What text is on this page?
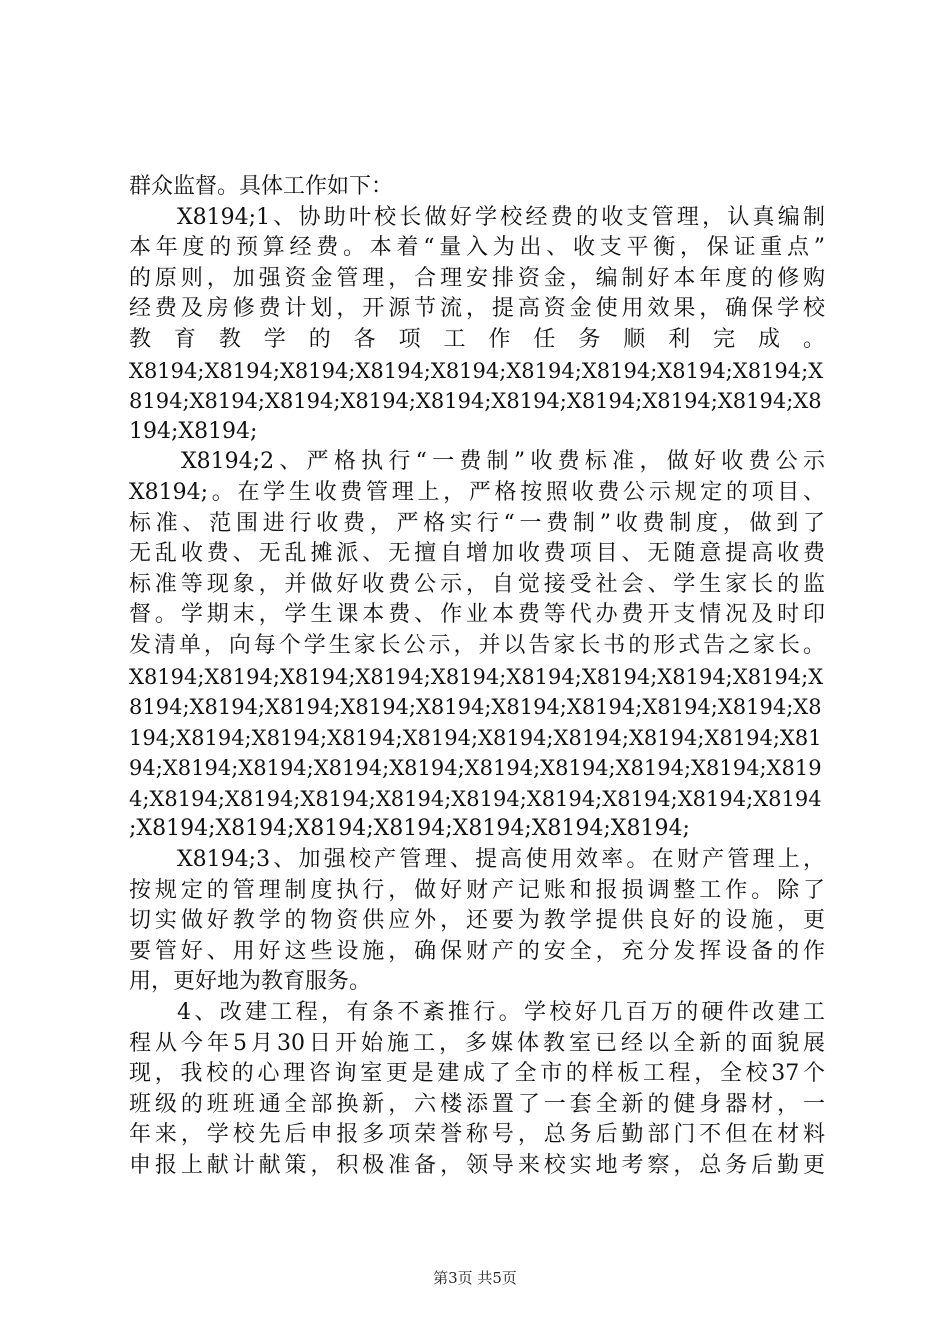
群众监督。具体工作如下：
X8194;1、协助叶校长做好学校经费的收支管理，认真编制
本年度的预算经费。本着“量入为出、收支平衡，保证重点”
的原则，加强资金管理，合理安排资金，编制好本年度的修购
经费及房修费计划，开源节流，提高资金使用效果，确保学校
教育教学的各项工作任务顺利完成。
X8194;X8194;X8194;X8194;X8194;X8194;X8194;X8194;X8194;X
8194;X8194;X8194;X8194;X8194;X8194;X8194;X8194;X8194;X8
194;X8194;
X8194;2、严格执行“一费制”收费标准，做好收费公示
X8194;。在学生收费管理上，严格按照收费公示规定的项目、
标准、范围进行收费，严格实行“一费制”收费制度，做到了
无乱收费、无乱摊派、无擅自增加收费项目、无随意提高收费
标准等现象，并做好收费公示，自觉接受社会、学生家长的监
督。学期末，学生课本费、作业本费等代办费开支情况及时印
发清单，向每个学生家长公示，并以告家长书的形式告之家长。
X8194;X8194;X8194;X8194;X8194;X8194;X8194;X8194;X8194;X
8194;X8194;X8194;X8194;X8194;X8194;X8194;X8194;X8194;X8
194;X8194;X8194;X8194;X8194;X8194;X8194;X8194;X8194;X81
94;X8194;X8194;X8194;X8194;X8194;X8194;X8194;X8194;X819
4;X8194;X8194;X8194;X8194;X8194;X8194;X8194;X8194;X8194
;X8194;X8194;X8194;X8194;X8194;X8194;X8194;
X8194;3、加强校产管理、提高使用效率。在财产管理上，
按规定的管理制度执行，做好财产记账和报损调整工作。除了
切实做好教学的物资供应外，还要为教学提供良好的设施，更
要管好、用好这些设施，确保财产的安全，充分发挥设备的作
用，更好地为教育服务。
4、改建工程，有条不紊推行。学校好几百万的硬件改建工
程从今年5月30日开始施工，多媒体教室已经以全新的面貌展
现，我校的心理咨询室更是建成了全市的样板工程，全校37个
班级的班班通全部换新，六楼添置了一套全新的健身器材，一
年来，学校先后申报多项荣誉称号，总务后勤部门不但在材料
申报上献计献策，积极准备，领导来校实地考察，总务后勤更
第3页 共5页
